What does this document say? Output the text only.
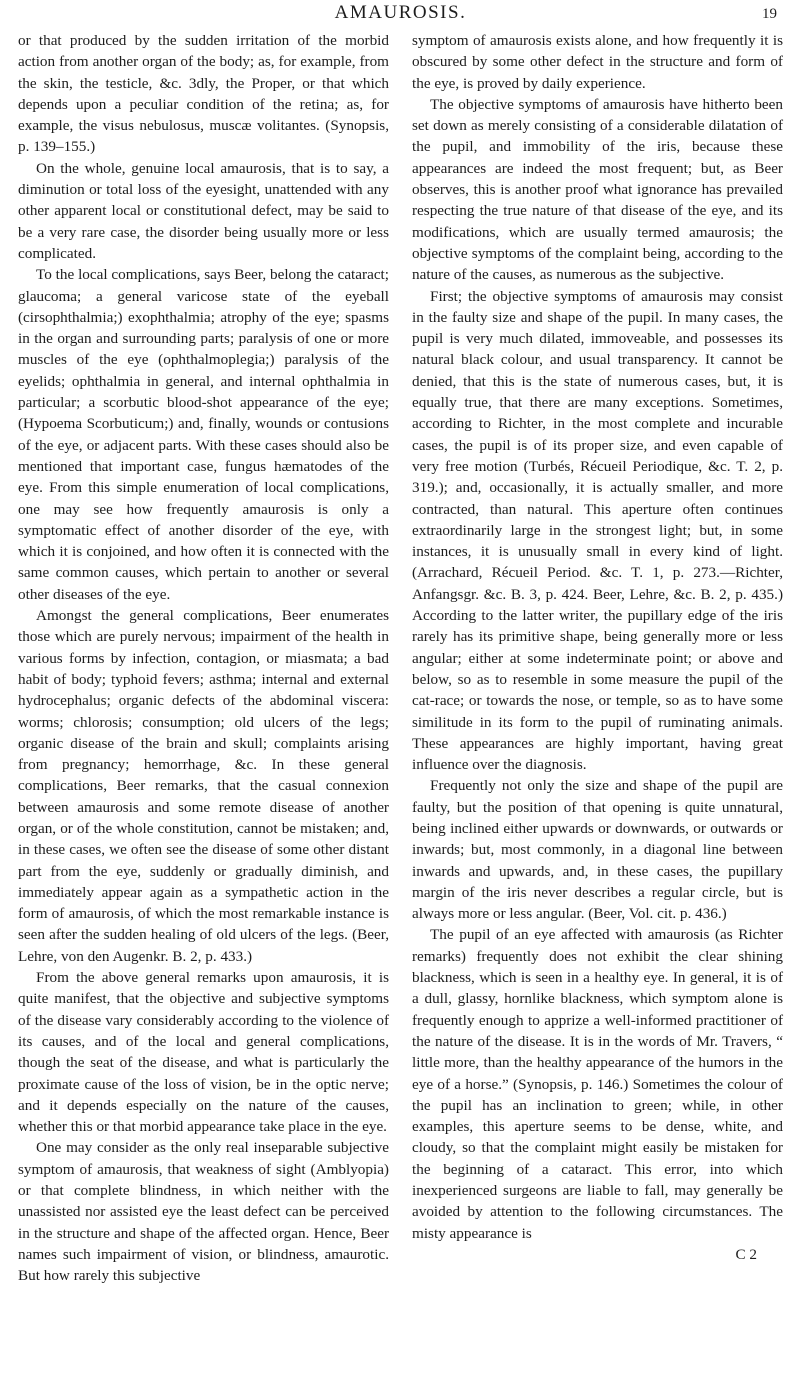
AMAUROSIS.	19

or that produced by the sudden irritation of the morbid action from another organ of the body; as, for example, from the skin, the testicle, &c. 3dly, the Proper, or that which depends upon a peculiar condition of the retina; as, for example, the visus nebulosus, muscæ volitantes. (Synopsis, p. 139–155.)

On the whole, genuine local amaurosis, that is to say, a diminution or total loss of the eyesight, unattended with any other apparent local or constitutional defect, may be said to be a very rare case, the disorder being usually more or less complicated.

To the local complications, says Beer, belong the cataract; glaucoma; a general varicose state of the eyeball (cirsophthalmia;) exophthalmia; atrophy of the eye; spasms in the organ and surrounding parts; paralysis of one or more muscles of the eye (ophthalmoplegia;) paralysis of the eyelids; ophthalmia in general, and internal ophthalmia in particular; a scorbutic blood-shot appearance of the eye; (Hypoema Scorbuticum;) and, finally, wounds or contusions of the eye, or adjacent parts. With these cases should also be mentioned that important case, fungus hæmatodes of the eye. From this simple enumeration of local complications, one may see how frequently amaurosis is only a symptomatic effect of another disorder of the eye, with which it is conjoined, and how often it is connected with the same common causes, which pertain to another or several other diseases of the eye.

Amongst the general complications, Beer enumerates those which are purely nervous; impairment of the health in various forms by infection, contagion, or miasmata; a bad habit of body; typhoid fevers; asthma; internal and external hydrocephalus; organic defects of the abdominal viscera: worms; chlorosis; consumption; old ulcers of the legs; organic disease of the brain and skull; complaints arising from pregnancy; hemorrhage, &c. In these general complications, Beer remarks, that the casual connexion between amaurosis and some remote disease of another organ, or of the whole constitution, cannot be mistaken; and, in these cases, we often see the disease of some other distant part from the eye, suddenly or gradually diminish, and immediately appear again as a sympathetic action in the form of amaurosis, of which the most remarkable instance is seen after the sudden healing of old ulcers of the legs. (Beer, Lehre, von den Augenkr. B. 2, p. 433.)

From the above general remarks upon amaurosis, it is quite manifest, that the objective and subjective symptoms of the disease vary considerably according to the violence of its causes, and of the local and general complications, though the seat of the disease, and what is particularly the proximate cause of the loss of vision, be in the optic nerve; and it depends especially on the nature of the causes, whether this or that morbid appearance take place in the eye.

One may consider as the only real inseparable subjective symptom of amaurosis, that weakness of sight (Amblyopia) or that complete blindness, in which neither with the unassisted nor assisted eye the least defect can be perceived in the structure and shape of the affected organ. Hence, Beer names such impairment of vision, or blindness, amaurotic. But how rarely this subjective

symptom of amaurosis exists alone, and how frequently it is obscured by some other defect in the structure and form of the eye, is proved by daily experience.

The objective symptoms of amaurosis have hitherto been set down as merely consisting of a considerable dilatation of the pupil, and immobility of the iris, because these appearances are indeed the most frequent; but, as Beer observes, this is another proof what ignorance has prevailed respecting the true nature of that disease of the eye, and its modifications, which are usually termed amaurosis; the objective symptoms of the complaint being, according to the nature of the causes, as numerous as the subjective.

First; the objective symptoms of amaurosis may consist in the faulty size and shape of the pupil. In many cases, the pupil is very much dilated, immoveable, and possesses its natural black colour, and usual transparency. It cannot be denied, that this is the state of numerous cases, but, it is equally true, that there are many exceptions. Sometimes, according to Richter, in the most complete and incurable cases, the pupil is of its proper size, and even capable of very free motion (Turbés, Récueil Periodique, &c. T. 2, p. 319.); and, occasionally, it is actually smaller, and more contracted, than natural. This aperture often continues extraordinarily large in the strongest light; but, in some instances, it is unusually small in every kind of light. (Arrachard, Récueil Period. &c. T. 1, p. 273.—Richter, Anfangsgr. &c. B. 3, p. 424. Beer, Lehre, &c. B. 2, p. 435.) According to the latter writer, the pupillary edge of the iris rarely has its primitive shape, being generally more or less angular; either at some indeterminate point; or above and below, so as to resemble in some measure the pupil of the cat-race; or towards the nose, or temple, so as to have some similitude in its form to the pupil of ruminating animals. These appearances are highly important, having great influence over the diagnosis.

Frequently not only the size and shape of the pupil are faulty, but the position of that opening is quite unnatural, being inclined either upwards or downwards, or outwards or inwards; but, most commonly, in a diagonal line between inwards and upwards, and, in these cases, the pupillary margin of the iris never describes a regular circle, but is always more or less angular. (Beer, Vol. cit. p. 436.)

The pupil of an eye affected with amaurosis (as Richter remarks) frequently does not exhibit the clear shining blackness, which is seen in a healthy eye. In general, it is of a dull, glassy, hornlike blackness, which symptom alone is frequently enough to apprize a well-informed practitioner of the nature of the disease. It is in the words of Mr. Travers, “ little more, than the healthy appearance of the humors in the eye of a horse.” (Synopsis, p. 146.) Sometimes the colour of the pupil has an inclination to green; while, in other examples, this aperture seems to be dense, white, and cloudy, so that the complaint might easily be mistaken for the beginning of a cataract. This error, into which inexperienced surgeons are liable to fall, may generally be avoided by attention to the following circumstances. The misty appearance is

C 2
